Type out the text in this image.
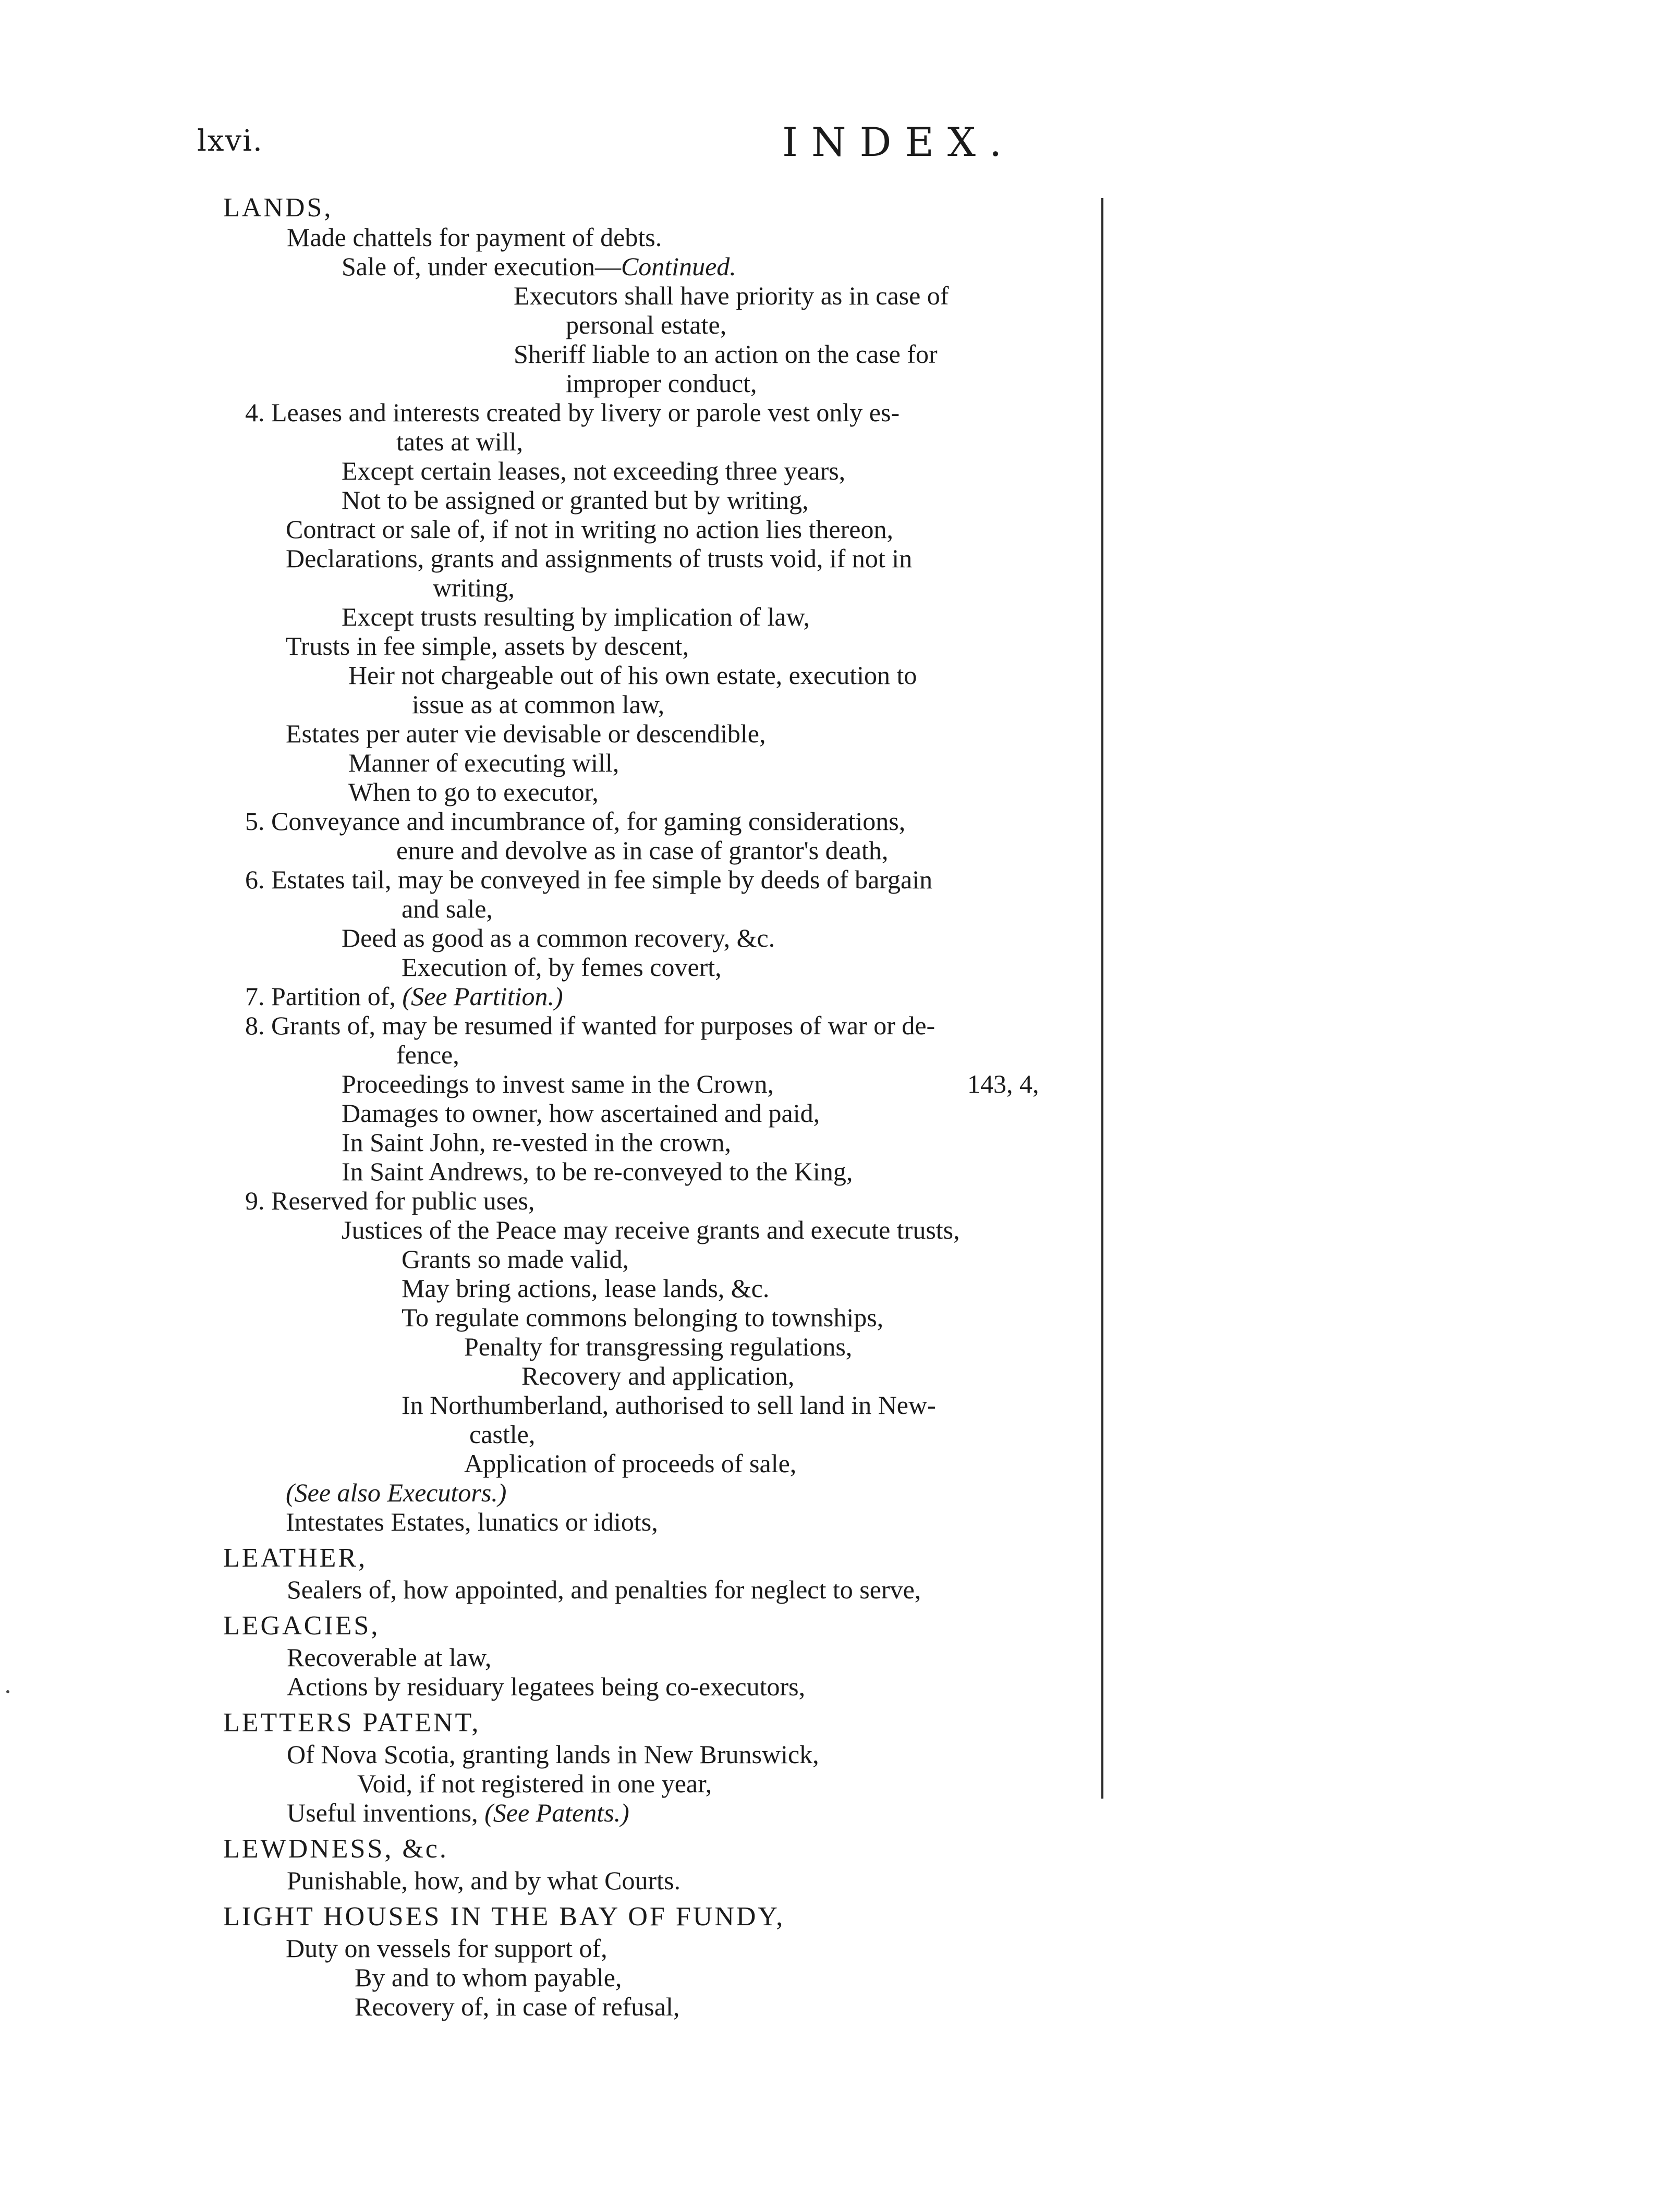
lxvi.	INDEX.
LANDS,
Made chattels for payment of debts.
Sale of, under execution—Continued.
Executors shall have priority as in case of
personal estate,
Sheriff liable to an action on the case for
improper conduct,
4. Leases and interests created by livery or parole vest only es-
tates at will,
Except certain leases, not exceeding three years,
Not to be assigned or granted but by writing,
Contract or sale of, if not in writing no action lies thereon,
Declarations, grants and assignments of trusts void, if not in
writing,
Except trusts resulting by implication of law,
Trusts in fee simple, assets by descent,
Heir not chargeable out of his own estate, execution to
issue as at common law,
Estates per auter vie devisable or descendible,
Manner of executing will,
When to go to executor,
5. Conveyance and incumbrance of, for gaming considerations,
enure and devolve as in case of grantor's death,
6. Estates tail, may be conveyed in fee simple by deeds of bargain
and sale,
Deed as good as a common recovery, &c.
Execution of, by femes covert,
7. Partition of, (See Partition.)
8. Grants of, may be resumed if wanted for purposes of war or de-
fence,
Proceedings to invest same in the Crown,	143, 4,
Damages to owner, how ascertained and paid,
In Saint John, re-vested in the crown,
In Saint Andrews, to be re-conveyed to the King,
9. Reserved for public uses,
Justices of the Peace may receive grants and execute trusts,
Grants so made valid,
May bring actions, lease lands, &c.
To regulate commons belonging to townships,
Penalty for transgressing regulations,
Recovery and application,
In Northumberland, authorised to sell land in New-
castle,
Application of proceeds of sale,
(See also Executors.)
Intestates Estates, lunatics or idiots,
LEATHER,
Sealers of, how appointed, and penalties for neglect to serve,
LEGACIES,
Recoverable at law,
Actions by residuary legatees being co-executors,
LETTERS PATENT,
Of Nova Scotia, granting lands in New Brunswick,
Void, if not registered in one year,
Useful inventions, (See Patents.)
LEWDNESS, &c.
Punishable, how, and by what Courts.
LIGHT HOUSES IN THE BAY OF FUNDY,
Duty on vessels for support of,
By and to whom payable,
Recovery of, in case of refusal,
